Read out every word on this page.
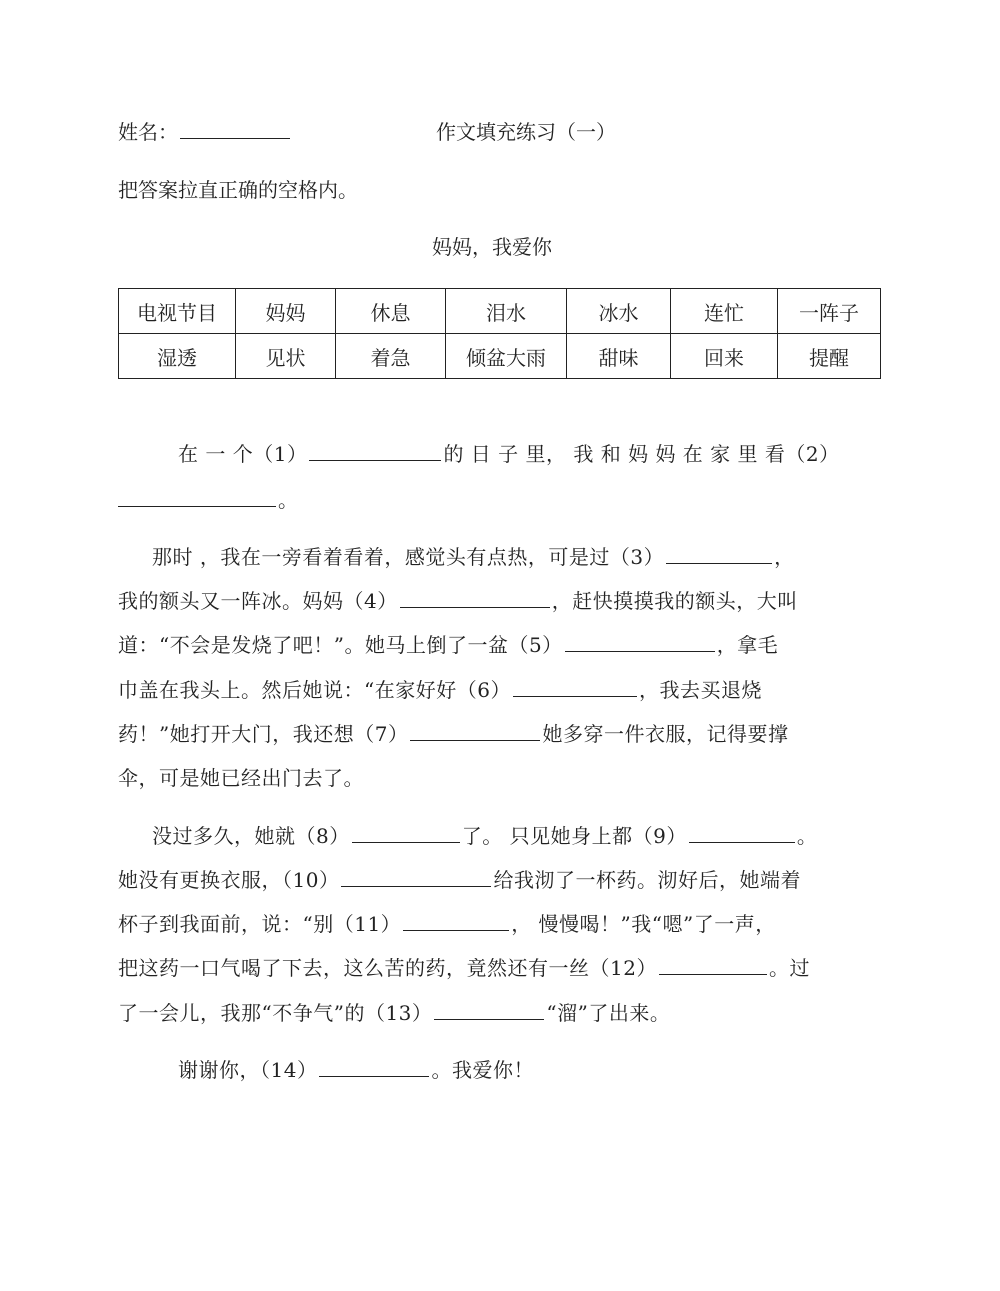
姓名：	作文填充练习（一）
把答案拉直正确的空格内。
妈妈，我爱你
电视节目	妈妈	休息	泪水	冰水	连忙	一阵子
湿透	见状	着急	倾盆大雨	甜味	回来	提醒
在 一 个（1）	的 日 子 里， 我 和 妈 妈 在 家 里 看（2）
。
那时 ，我在一旁看着看着，感觉头有点热，可是过（3）	，
我的额头又一阵冰。妈妈（4）	，赶快摸摸我的额头，大叫
道：“不会是发烧了吧！”。她马上倒了一盆（5）	，拿毛
巾盖在我头上。然后她说：“在家好好（6）	，我去买退烧
药！”她打开大门，我还想（7）	她多穿一件衣服，记得要撑
伞，可是她已经出门去了。
没过多久，她就（8）	了。 只见她身上都（9）	。
她没有更换衣服，（10）	给我沏了一杯药。沏好后，她端着
杯子到我面前，说：“别（11）	， 慢慢喝！”我“嗯”了一声，
把这药一口气喝了下去，这么苦的药，竟然还有一丝（12）	。过
了一会儿，我那“不争气”的（13）	“溜”了出来。
谢谢你，（14）	。我爱你！
